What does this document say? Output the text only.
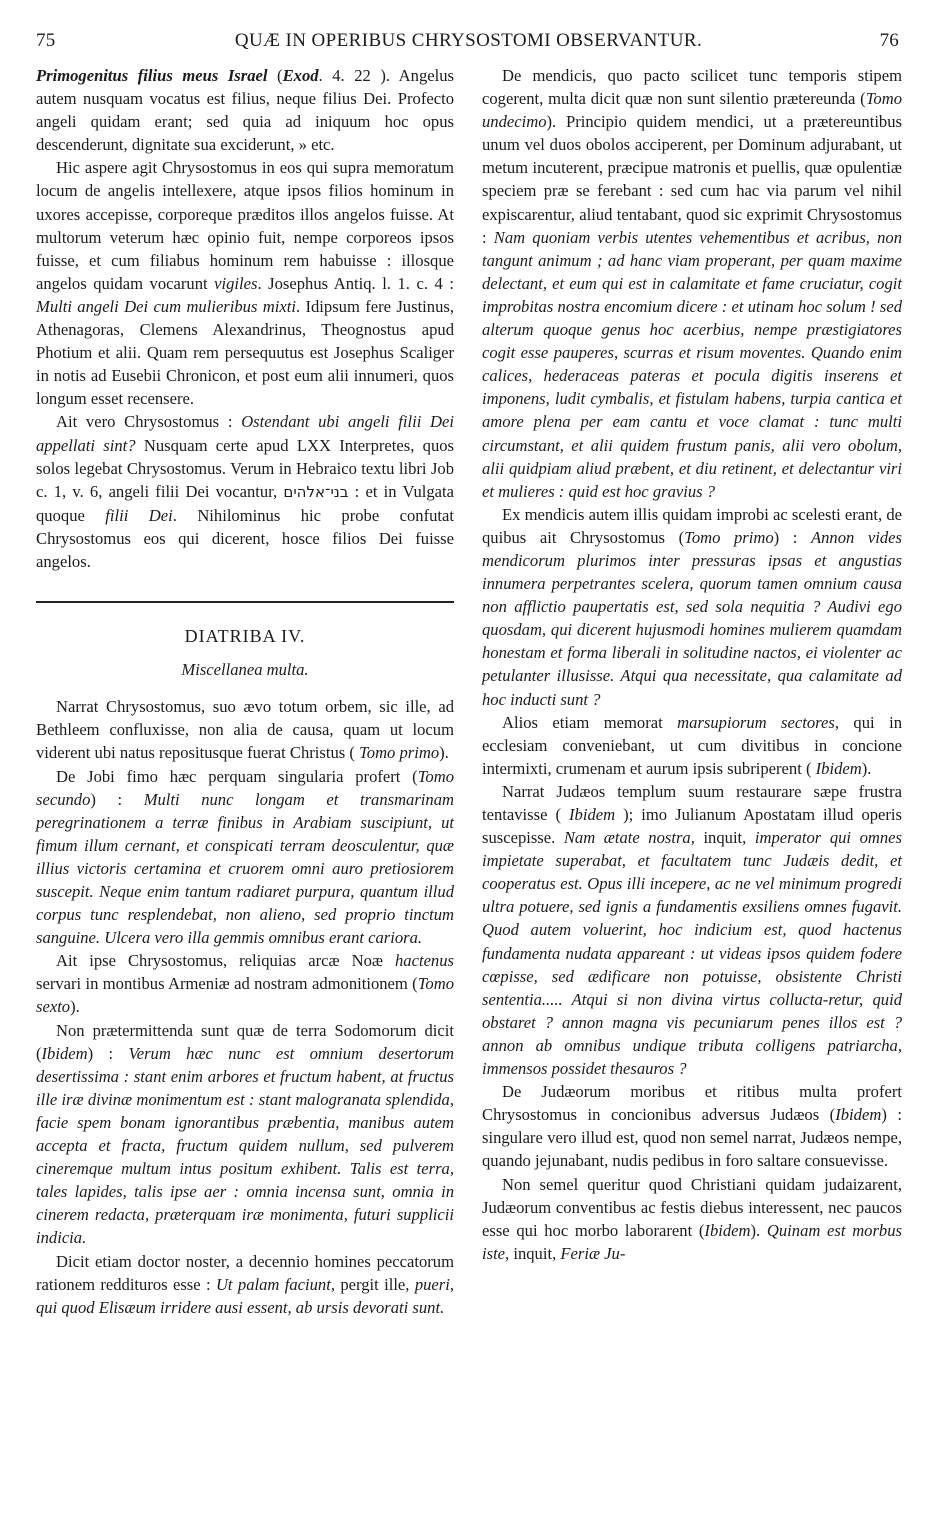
75	QUÆ IN OPERIBUS CHRYSOSTOMI OBSERVANTUR.	76

Primogenitus filius meus Israel (Exod. 4. 22 ). Angelus autem nusquam vocatus est filius, neque filius Dei. Profecto angeli quidam erant; sed quia ad iniquum hoc opus descenderunt, dignitate sua exciderunt, » etc.

Hic aspere agit Chrysostomus in eos qui supra memoratum locum de angelis intellexere, atque ipsos filios hominum in uxores accepisse, corporeque præditos illos angelos fuisse. At multorum veterum hæc opinio fuit, nempe corporeos ipsos fuisse, et cum filiabus hominum rem habuisse : illosque angelos quidam vocarunt vigiles. Josephus Antiq. l. 1. c. 4 : Multi angeli Dei cum mulieribus mixti. Idipsum fere Justinus, Athenagoras, Clemens Alexandrinus, Theognostus apud Photium et alii. Quam rem persequutus est Josephus Scaliger in notis ad Eusebii Chronicon, et post eum alii innumeri, quos longum esset recensere.

Ait vero Chrysostomus : Ostendant ubi angeli filii Dei appellati sint? Nusquam certe apud LXX Interpretes, quos solos legebat Chrysostomus. Verum in Hebraico textu libri Job c. 1, v. 6, angeli filii Dei vocantur, בני־אלהים : et in Vulgata quoque filii Dei. Nihilominus hic probe confutat Chrysostomus eos qui dicerent, hosce filios Dei fuisse angelos.

DIATRIBA IV.
Miscellanea multa.

Narrat Chrysostomus, suo ævo totum orbem, sic ille, ad Bethleem confluxisse, non alia de causa, quam ut locum viderent ubi natus repositusque fuerat Christus ( Tomo primo).

De Jobi fimo hæc perquam singularia profert (Tomo secundo) : Multi nunc longam et transmarinam peregrinationem a terræ finibus in Arabiam suscipiunt, ut fimum illum cernant, et conspicati terram deosculentur, quæ illius victoris certamina et cruorem omni auro pretiosiorem suscepit. Neque enim tantum radiaret purpura, quantum illud corpus tunc resplendebat, non alieno, sed proprio tinctum sanguine. Ulcera vero illa gemmis omnibus erant cariora.

Ait ipse Chrysostomus, reliquias arcæ Noæ hactenus servari in montibus Armeniæ ad nostram admonitionem (Tomo sexto).

Non prætermittenda sunt quæ de terra Sodomorum dicit (Ibidem) : Verum hæc nunc est omnium desertorum desertissima : stant enim arbores et fructum habent, at fructus ille iræ divinæ monimentum est : stant malogranata splendida, facie spem bonam ignorantibus præbentia, manibus autem accepta et fracta, fructum quidem nullum, sed pulverem cineremque multum intus positum exhibent. Talis est terra, tales lapides, talis ipse aer : omnia incensa sunt, omnia in cinerem redacta, præterquam iræ monimenta, futuri supplicii indicia.

Dicit etiam doctor noster, a decennio homines peccatorum rationem reddituros esse : Ut palam faciunt, pergit ille, pueri, qui quod Elisæum irridere ausi essent, ab ursis devorati sunt.

De mendicis, quo pacto scilicet tunc temporis stipem cogerent, multa dicit quæ non sunt silentio prætereunda (Tomo undecimo). Principio quidem mendici, ut a prætereuntibus unum vel duos obolos acciperent, per Dominum adjurabant, ut metum incuterent, præcipue matronis et puellis, quæ opulentiæ speciem præ se ferebant : sed cum hac via parum vel nihil expiscarentur, aliud tentabant, quod sic exprimit Chrysostomus : Nam quoniam verbis utentes vehementibus et acribus, non tangunt animum ; ad hanc viam properant, per quam maxime delectant, et eum qui est in calamitate et fame cruciatur, cogit improbitas nostra encomium dicere : et utinam hoc solum ! sed alterum quoque genus hoc acerbius, nempe præstigiatores cogit esse pauperes, scurras et risum moventes. Quando enim calices, hederaceas pateras et pocula digitis inserens et imponens, ludit cymbalis, et fistulam habens, turpia cantica et amore plena per eam cantu et voce clamat : tunc multi circumstant, et alii quidem frustum panis, alii vero obolum, alii quidpiam aliud præbent, et diu retinent, et delectantur viri et mulieres : quid est hoc gravius ?

Ex mendicis autem illis quidam improbi ac scelesti erant, de quibus ait Chrysostomus (Tomo primo) : Annon vides mendicorum plurimos inter pressuras ipsas et angustias innumera perpetrantes scelera, quorum tamen omnium causa non afflictio paupertatis est, sed sola nequitia ? Audivi ego quosdam, qui dicerent hujusmodi homines mulierem quamdam honestam et forma liberali in solitudine nactos, ei violenter ac petulanter illusisse. Atqui qua necessitate, qua calamitate ad hoc inducti sunt ?

Alios etiam memorat marsupiorum sectores, qui in ecclesiam conveniebant, ut cum divitibus in concione intermixti, crumenam et aurum ipsis subriperent ( Ibidem).

Narrat Judæos templum suum restaurare sæpe frustra tentavisse ( Ibidem ); imo Julianum Apostatam illud operis suscepisse. Nam ætate nostra, inquit, imperator qui omnes impietate superabat, et facultatem tunc Judæis dedit, et cooperatus est. Opus illi incepere, ac ne vel minimum progredi ultra potuere, sed ignis a fundamentis exsiliens omnes fugavit. Quod autem voluerint, hoc indicium est, quod hactenus fundamenta nudata appareant : ut videas ipsos quidem fodere cœpisse, sed ædificare non potuisse, obsistente Christi sententia..... Atqui si non divina virtus collucta-retur, quid obstaret ? annon magna vis pecuniarum penes illos est ? annon ab omnibus undique tributa colligens patriarcha, immensos possidet thesauros ?

De Judæorum moribus et ritibus multa profert Chrysostomus in concionibus adversus Judæos (Ibidem) : singulare vero illud est, quod non semel narrat, Judæos nempe, quando jejunabant, nudis pedibus in foro saltare consuevisse.

Non semel queritur quod Christiani quidam judaizarent, Judæorum conventibus ac festis diebus interessent, nec paucos esse qui hoc morbo laborarent (Ibidem). Quinam est morbus iste, inquit, Feriæ Ju-
